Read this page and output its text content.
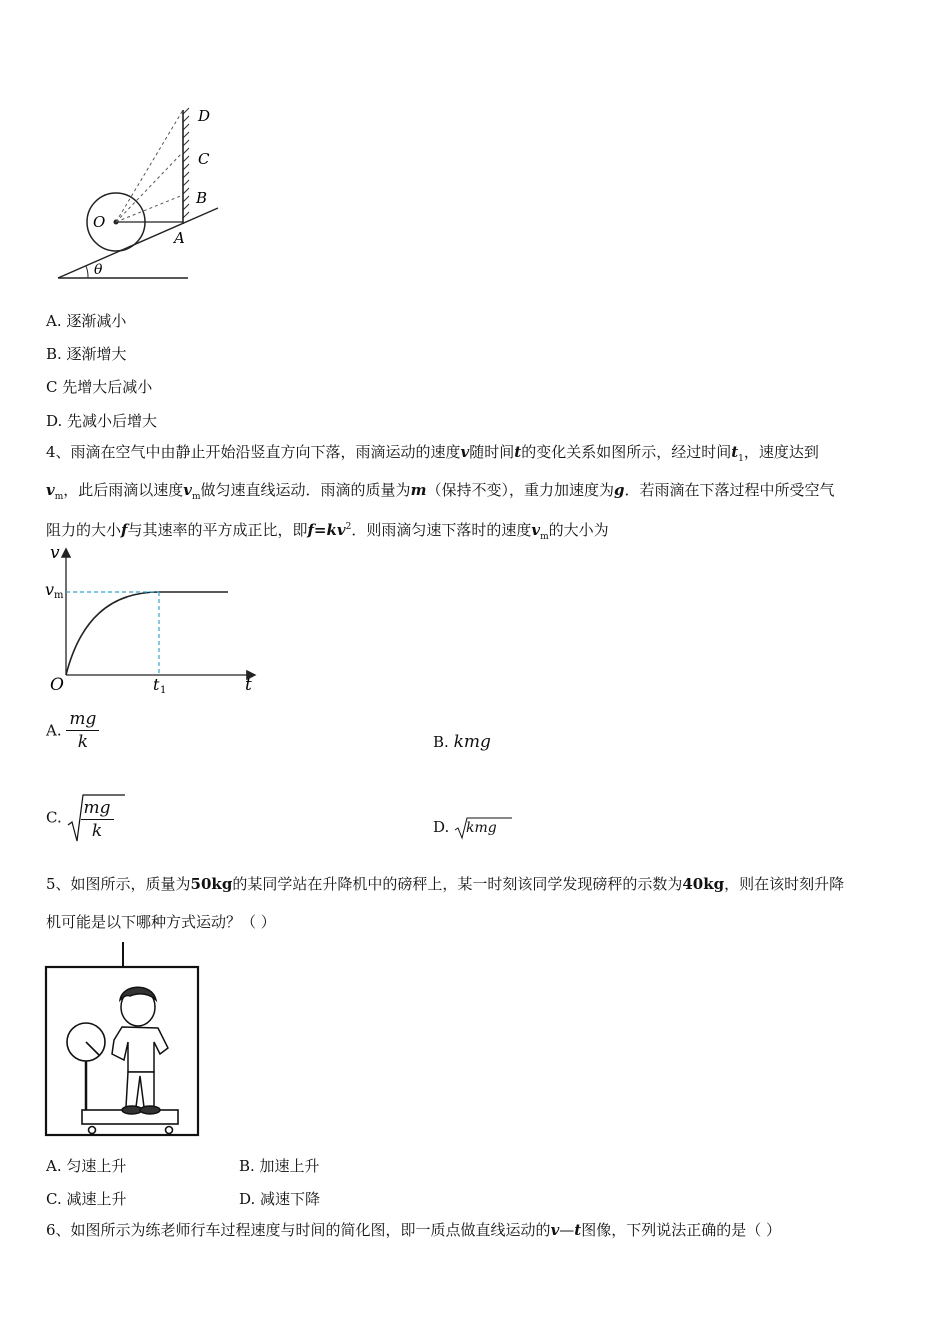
D
C
B
A
O
θ
A. 逐渐减小
B. 逐渐增大
C 先增大后减小
D. 先减小后增大
4、雨滴在空气中由静止开始沿竖直方向下落，雨滴运动的速度v随时间t的变化关系如图所示，经过时间$t_1$，速度达到
$v_m$，此后雨滴以速度$v_m$做匀速直线运动．雨滴的质量为m（保持不变），重力加速度为g．若雨滴在下落过程中所受空气
阻力的大小f与其速率的平方成正比，即$f=kv^2$．则雨滴匀速下落时的速度$v_m$的大小为
v
v m
O	t 1	t
A. $\frac{mg}{k}$	B. kmg
C. $\frac{mg}{k}$	D. kmg
5、如图所示，质量为50kg的某同学站在升降机中的磅秤上，某一时刻该同学发现磅秤的示数为40kg，则在该时刻升降
机可能是以下哪种方式运动？（ ）
A. 匀速上升	B. 加速上升
C. 减速上升	D. 减速下降
6、如图所示为练老师行车过程速度与时间的简化图，即一质点做直线运动的v—t图像，下列说法正确的是（ ）
